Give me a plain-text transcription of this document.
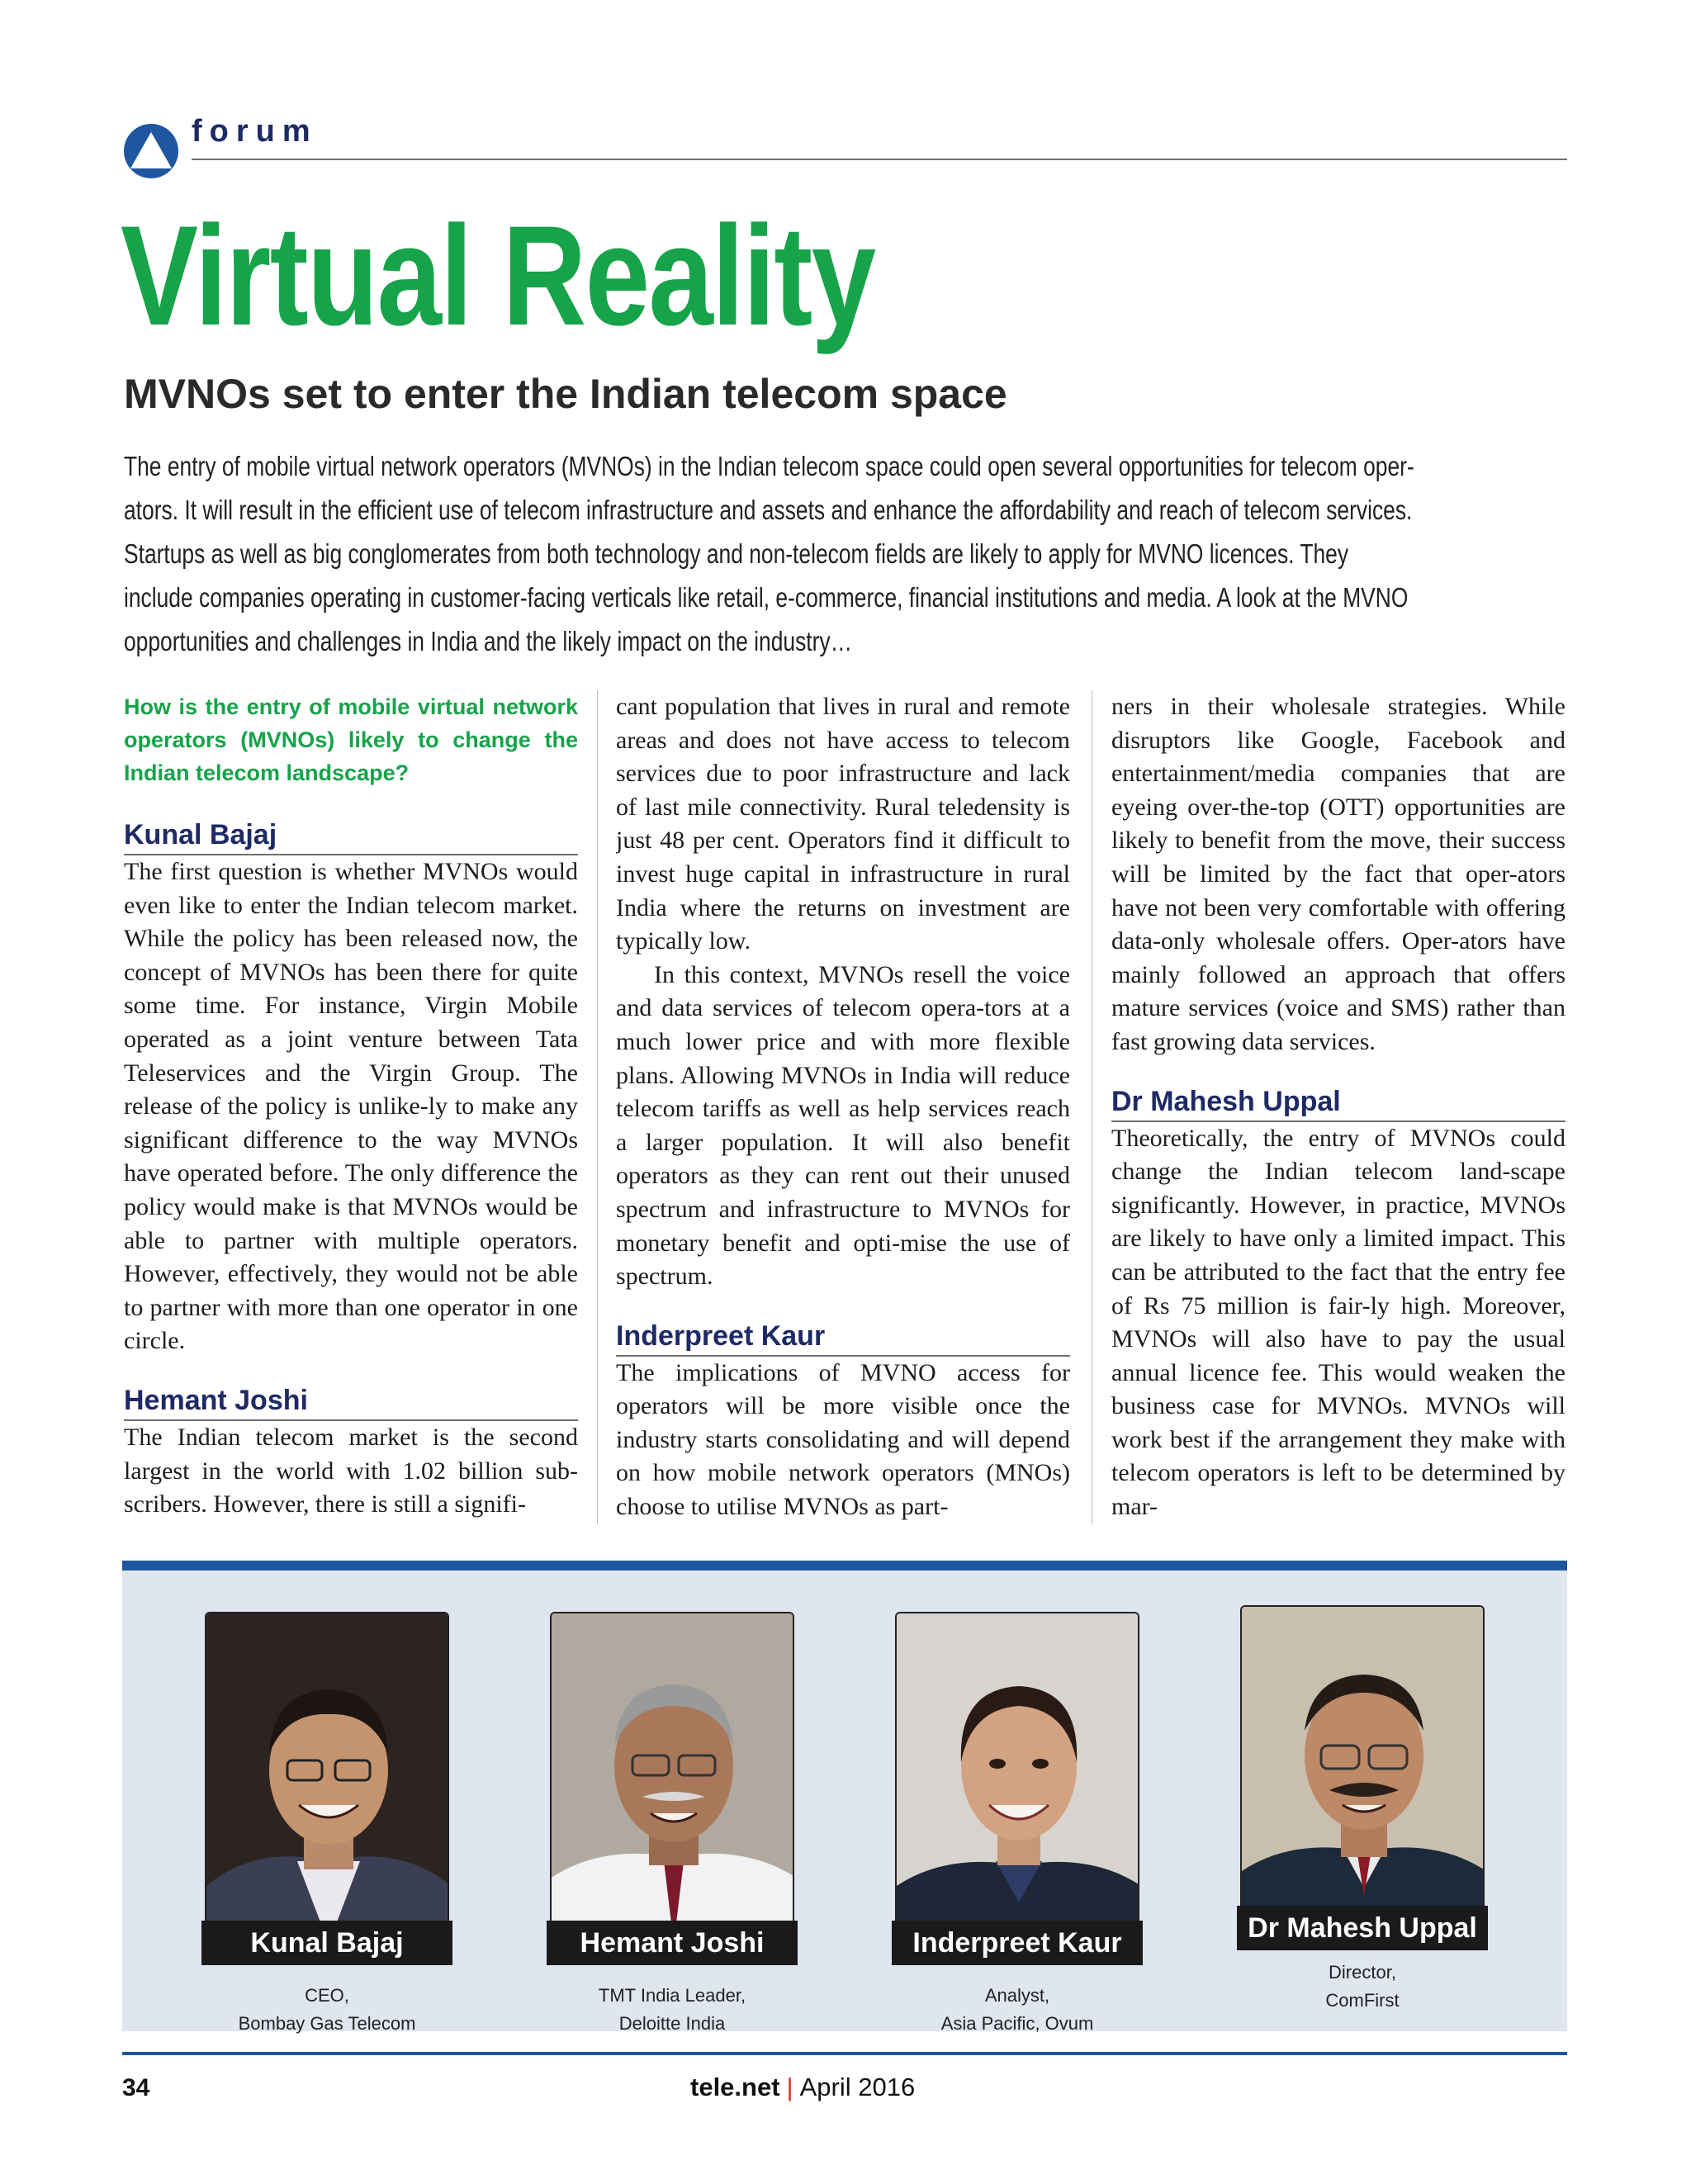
forum
Virtual Reality
MVNOs set to enter the Indian telecom space

The entry of mobile virtual network operators (MVNOs) in the Indian telecom space could open several opportunities for telecom oper-

ators. It will result in the efficient use of telecom infrastructure and assets and enhance the affordability and reach of telecom services.

Startups as well as big conglomerates from both technology and non-telecom fields are likely to apply for MVNO licences. They

include companies operating in customer-facing verticals like retail, e-commerce, financial institutions and media. A look at the MVNO

opportunities and challenges in India and the likely impact on the industry…

How is the entry of mobile virtual network operators (MVNOs) likely to change the Indian telecom landscape?

Kunal Bajaj

The first question is whether MVNOs would even like to enter the Indian telecom market. While the policy has been released now, the concept of MVNOs has been there for quite some time. For instance, Virgin Mobile operated as a joint venture between Tata Teleservices and the Virgin Group. The release of the policy is unlike-ly to make any significant difference to the way MVNOs have operated before. The only difference the policy would make is that MVNOs would be able to partner with multiple operators. However, effectively, they would not be able to partner with more than one operator in one circle.

Hemant Joshi

The Indian telecom market is the second largest in the world with 1.02 billion sub-scribers. However, there is still a signifi-

cant population that lives in rural and remote areas and does not have access to telecom services due to poor infrastructure and lack of last mile connectivity. Rural teledensity is just 48 per cent. Operators find it difficult to invest huge capital in infrastructure in rural India where the returns on investment are typically low.

In this context, MVNOs resell the voice and data services of telecom opera-tors at a much lower price and with more flexible plans. Allowing MVNOs in India will reduce telecom tariffs as well as help services reach a larger population. It will also benefit operators as they can rent out their unused spectrum and infrastructure to MVNOs for monetary benefit and opti-mise the use of spectrum.

Inderpreet Kaur

The implications of MVNO access for operators will be more visible once the industry starts consolidating and will depend on how mobile network operators (MNOs) choose to utilise MVNOs as part-

ners in their wholesale strategies. While disruptors like Google, Facebook and entertainment/media companies that are eyeing over-the-top (OTT) opportunities are likely to benefit from the move, their success will be limited by the fact that oper-ators have not been very comfortable with offering data-only wholesale offers. Oper-ators have mainly followed an approach that offers mature services (voice and SMS) rather than fast growing data services.

Dr Mahesh Uppal

Theoretically, the entry of MVNOs could change the Indian telecom land-scape significantly. However, in practice, MVNOs are likely to have only a limited impact. This can be attributed to the fact that the entry fee of Rs 75 million is fair-ly high. Moreover, MVNOs will also have to pay the usual annual licence fee. This would weaken the business case for MVNOs. MVNOs will work best if the arrangement they make with telecom operators is left to be determined by mar-

Kunal Bajaj
CEO,
Bombay Gas Telecom
Hemant Joshi
TMT India Leader,
Deloitte India
Inderpreet Kaur
Analyst,
Asia Pacific, Ovum
Dr Mahesh Uppal
Director,
ComFirst
34	tele.net | April 2016
